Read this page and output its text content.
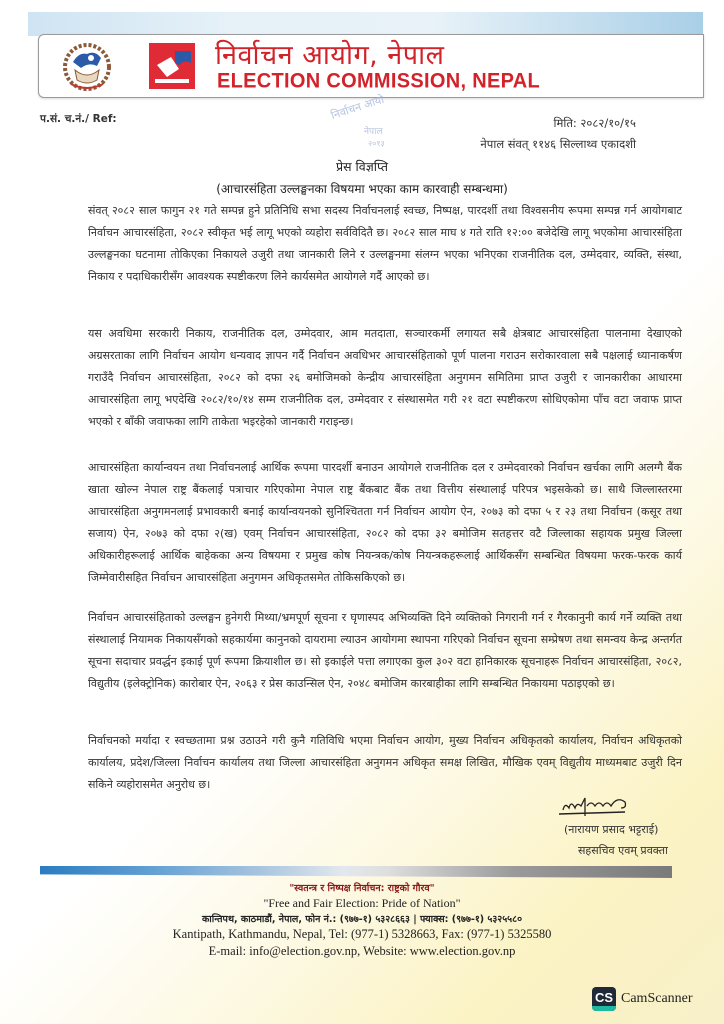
निर्वाचन आयोग, नेपाल
ELECTION COMMISSION, NEPAL
प.सं. च.नं./ Ref:	निर्वाचन आयो
नेपाल
२०१३
मिति: २०८२/१०/१५
नेपाल संवत् ११४६ सिल्लाथ्व एकादशी
प्रेस विज्ञप्ति
(आचारसंहिता उल्लङ्घनका विषयमा भएका काम कारवाही सम्बन्धमा)

संवत् २०८२ साल फागुन २१ गते सम्पन्न हुने प्रतिनिधि सभा सदस्य निर्वाचनलाई स्वच्छ, निष्पक्ष, पारदर्शी तथा विश्वसनीय रूपमा सम्पन्न गर्न आयोगबाट निर्वाचन आचारसंहिता, २०८२ स्वीकृत भई लागू भएको व्यहोरा सर्वविदितै छ। २०८२ साल माघ ४ गते राति १२:०० बजेदेखि लागू भएकोमा आचारसंहिता उल्लङ्घनका घटनामा तोकिएका निकायले उजुरी तथा जानकारी लिने र उल्लङ्घनमा संलग्न भएका भनिएका राजनीतिक दल, उम्मेदवार, व्यक्ति, संस्था, निकाय र पदाधिकारीसँग आवश्यक स्पष्टीकरण लिने कार्यसमेत आयोगले गर्दै आएको छ।

यस अवधिमा सरकारी निकाय, राजनीतिक दल, उम्मेदवार, आम मतदाता, सञ्चारकर्मी लगायत सबै क्षेत्रबाट आचारसंहिता पालनामा देखाएको अग्रसरताका लागि निर्वाचन आयोग धन्यवाद ज्ञापन गर्दै निर्वाचन अवधिभर आचारसंहिताको पूर्ण पालना गराउन सरोकारवाला सबै पक्षलाई ध्यानाकर्षण गराउँदै निर्वाचन आचारसंहिता, २०८२ को दफा २६ बमोजिमको केन्द्रीय आचारसंहिता अनुगमन समितिमा प्राप्त उजुरी र जानकारीका आधारमा आचारसंहिता लागू भएदेखि २०८२/१०/१४ सम्म राजनीतिक दल, उम्मेदवार र संस्थासमेत गरी २१ वटा स्पष्टीकरण सोधिएकोमा पाँच वटा जवाफ प्राप्त भएको र बाँकी जवाफका लागि ताकेता भइरहेको जानकारी गराइन्छ।

आचारसंहिता कार्यान्वयन तथा निर्वाचनलाई आर्थिक रूपमा पारदर्शी बनाउन आयोगले राजनीतिक दल र उम्मेदवारको निर्वाचन खर्चका लागि अलग्गै बैंक खाता खोल्न नेपाल राष्ट्र बैंकलाई पत्राचार गरिएकोमा नेपाल राष्ट्र बैंकबाट बैंक तथा वित्तीय संस्थालाई परिपत्र भइसकेको छ। साथै जिल्लास्तरमा आचारसंहिता अनुगमनलाई प्रभावकारी बनाई कार्यान्वयनको सुनिश्चितता गर्न निर्वाचन आयोग ऐन, २०७३ को दफा ५ र २३ तथा निर्वाचन (कसूर तथा सजाय) ऐन, २०७३ को दफा २(ख) एवम् निर्वाचन आचारसंहिता, २०८२ को दफा ३२ बमोजिम सतहत्तर वटै जिल्लाका सहायक प्रमुख जिल्ला अधिकारीहरूलाई आर्थिक बाहेकका अन्य विषयमा र प्रमुख कोष नियन्त्रक/कोष नियन्त्रकहरूलाई आर्थिकसँग सम्बन्धित विषयमा फरक-फरक कार्य जिम्मेवारीसहित निर्वाचन आचारसंहिता अनुगमन अधिकृतसमेत तोकिसकिएको छ।

निर्वाचन आचारसंहिताको उल्लङ्घन हुनेगरी मिथ्या/भ्रमपूर्ण सूचना र घृणास्पद अभिव्यक्ति दिने व्यक्तिको निगरानी गर्न र गैरकानुनी कार्य गर्ने व्यक्ति तथा संस्थालाई नियामक निकायसँगको सहकार्यमा कानुनको दायरामा ल्याउन आयोगमा स्थापना गरिएको निर्वाचन सूचना सम्प्रेषण तथा समन्वय केन्द्र अन्तर्गत सूचना सदाचार प्रवर्द्धन इकाई पूर्ण रूपमा क्रियाशील छ। सो इकाईले पत्ता लगाएका कुल ३०२ वटा हानिकारक सूचनाहरू निर्वाचन आचारसंहिता, २०८२, विद्युतीय (इलेक्ट्रोनिक) कारोबार ऐन, २०६३ र प्रेस काउन्सिल ऐन, २०४८ बमोजिम कारबाहीका लागि सम्बन्धित निकायमा पठाइएको छ।

निर्वाचनको मर्यादा र स्वच्छतामा प्रश्न उठाउने गरी कुनै गतिविधि भएमा निर्वाचन आयोग, मुख्य निर्वाचन अधिकृतको कार्यालय, निर्वाचन अधिकृतको कार्यालय, प्रदेश/जिल्ला निर्वाचन कार्यालय तथा जिल्ला आचारसंहिता अनुगमन अधिकृत समक्ष लिखित, मौखिक एवम् विद्युतीय माध्यमबाट उजुरी दिन सकिने व्यहोरासमेत अनुरोध छ।

(नारायण प्रसाद भट्टराई)
सहसचिव एवम् प्रवक्ता
"स्वतन्त्र र निष्पक्ष निर्वाचन: राष्ट्रको गौरव"
"Free and Fair Election: Pride of Nation"
कान्तिपथ, काठमाडौं, नेपाल, फोन नं.: (९७७-१) ५३२८६६३ | फ्याक्स: (९७७-१) ५३२५५८०
Kantipath, Kathmandu, Nepal, Tel: (977-1) 5328663, Fax: (977-1) 5325580
E-mail: info@election.gov.np, Website: www.election.gov.np
CS CamScanner
